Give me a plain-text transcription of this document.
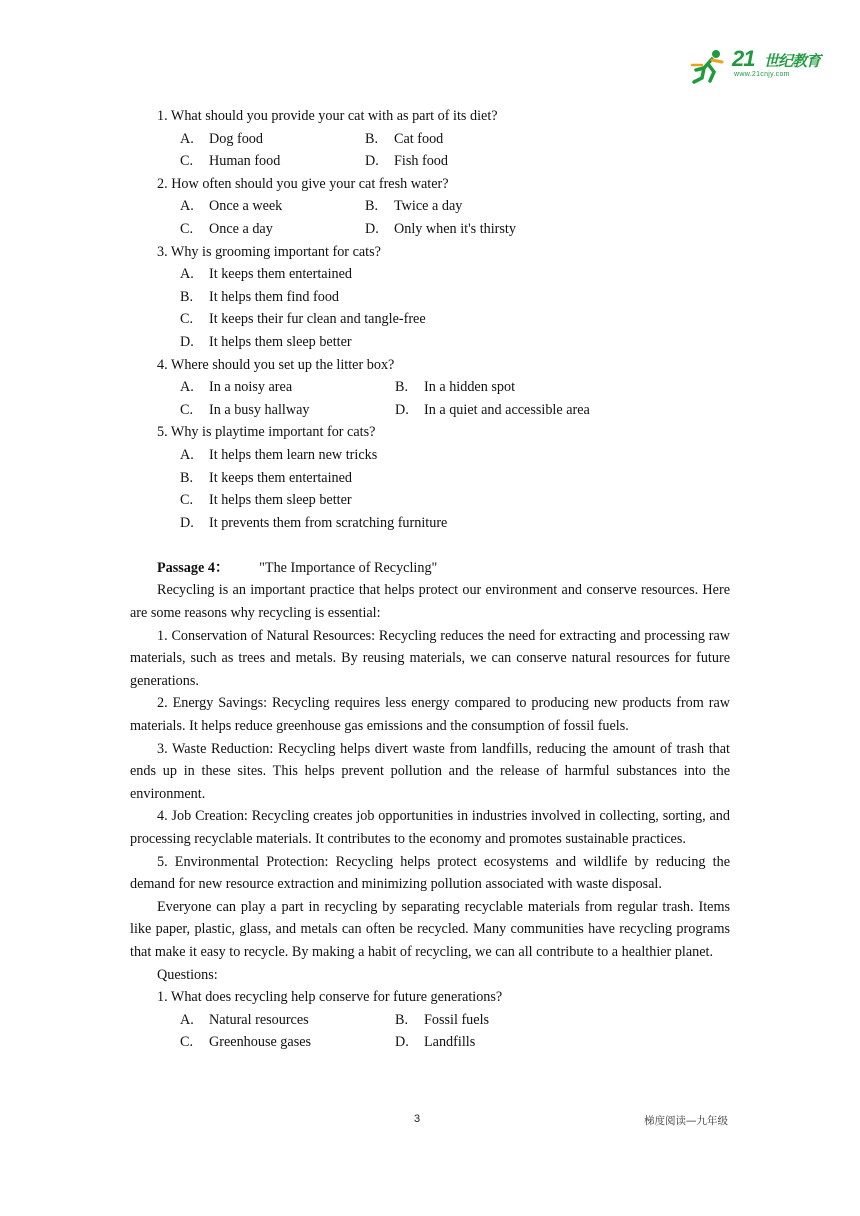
21 世纪教育
www.21cnjy.com
1. What should you provide your cat with as part of its diet?
A. Dog food	B. Cat food
C. Human food	D. Fish food
2. How often should you give your cat fresh water?
A. Once a week	B. Twice a day
C. Once a day	D. Only when it's thirsty
3. Why is grooming important for cats?
A. It keeps them entertained
B. It helps them find food
C. It keeps their fur clean and tangle-free
D. It helps them sleep better
4. Where should you set up the litter box?
A. In a noisy area	B. In a hidden spot
C. In a busy hallway	D. In a quiet and accessible area
5. Why is playtime important for cats?
A. It helps them learn new tricks
B. It keeps them entertained
C. It helps them sleep better
D. It prevents them from scratching furniture
Passage 4： "The Importance of Recycling"

Recycling is an important practice that helps protect our environment and conserve resources. Here are some reasons why recycling is essential:

1. Conservation of Natural Resources: Recycling reduces the need for extracting and processing raw materials, such as trees and metals. By reusing materials, we can conserve natural resources for future generations.

2. Energy Savings: Recycling requires less energy compared to producing new products from raw materials. It helps reduce greenhouse gas emissions and the consumption of fossil fuels.

3. Waste Reduction: Recycling helps divert waste from landfills, reducing the amount of trash that ends up in these sites. This helps prevent pollution and the release of harmful substances into the environment.

4. Job Creation: Recycling creates job opportunities in industries involved in collecting, sorting, and processing recyclable materials. It contributes to the economy and promotes sustainable practices.

5. Environmental Protection: Recycling helps protect ecosystems and wildlife by reducing the demand for new resource extraction and minimizing pollution associated with waste disposal.

Everyone can play a part in recycling by separating recyclable materials from regular trash. Items like paper, plastic, glass, and metals can often be recycled. Many communities have recycling programs that make it easy to recycle. By making a habit of recycling, we can all contribute to a healthier planet.

Questions:
1. What does recycling help conserve for future generations?
A. Natural resources	B. Fossil fuels
C. Greenhouse gases	D. Landfills
3	梯度阅读—九年级
